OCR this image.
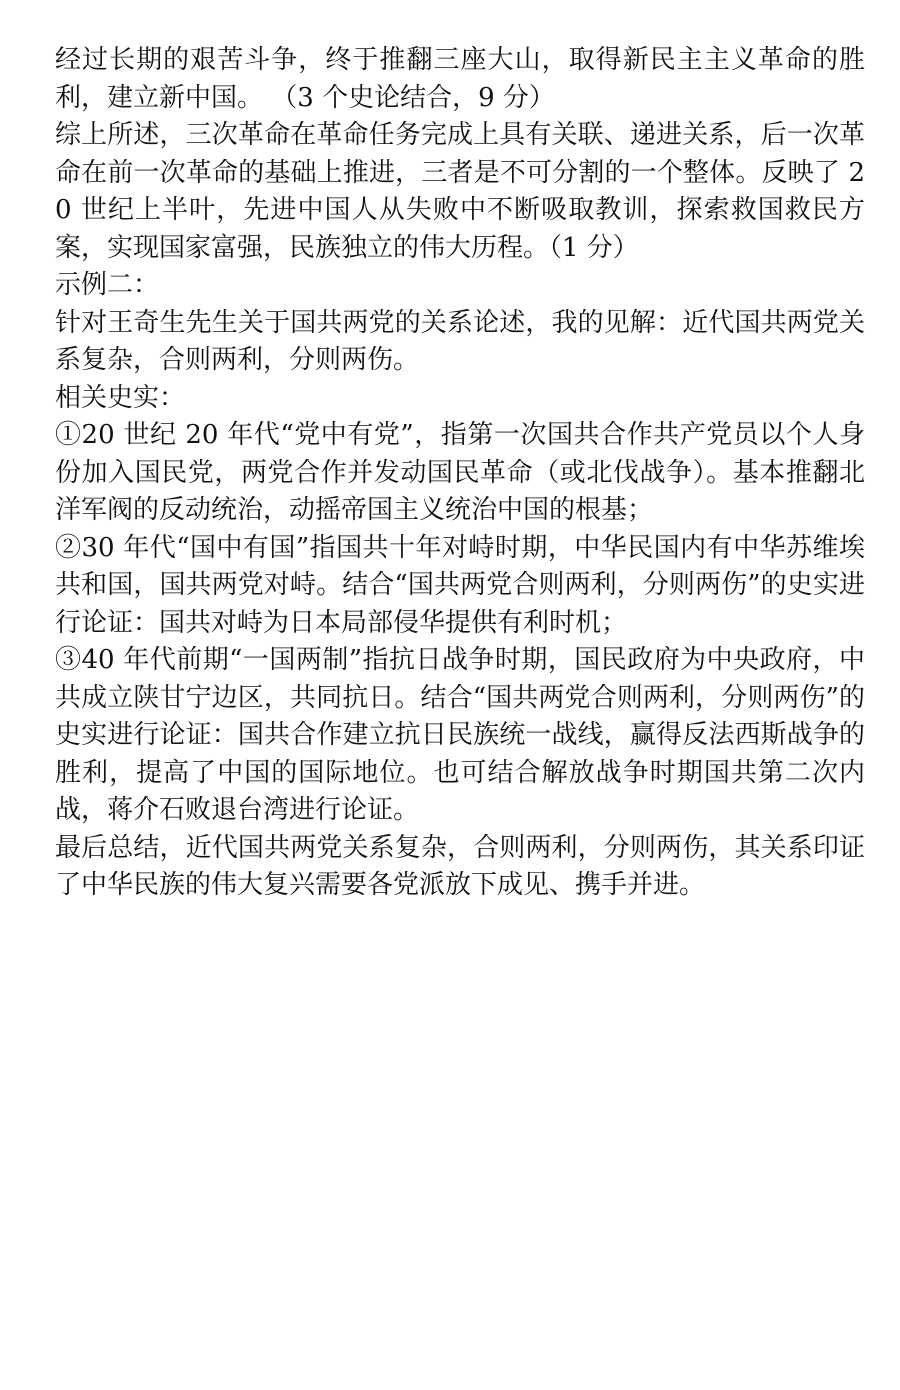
经过长期的艰苦斗争，终于推翻三座大山，取得新民主主义革命的胜利，建立新中国。 （3 个史论结合，9 分）

综上所述，三次革命在革命任务完成上具有关联、递进关系，后一次革命在前一次革命的基础上推进，三者是不可分割的一个整体。反映了 20 世纪上半叶，先进中国人从失败中不断吸取教训，探索救国救民方案，实现国家富强，民族独立的伟大历程。（1 分）

示例二：

针对王奇生先生关于国共两党的关系论述，我的见解：近代国共两党关系复杂，合则两利，分则两伤。

相关史实：

①20 世纪 20 年代“党中有党”，指第一次国共合作共产党员以个人身份加入国民党，两党合作并发动国民革命（或北伐战争）。基本推翻北洋军阀的反动统治，动摇帝国主义统治中国的根基；

②30 年代“国中有国”指国共十年对峙时期，中华民国内有中华苏维埃共和国，国共两党对峙。结合“国共两党合则两利，分则两伤”的史实进行论证：国共对峙为日本局部侵华提供有利时机；

③40 年代前期“一国两制”指抗日战争时期，国民政府为中央政府，中共成立陕甘宁边区，共同抗日。结合“国共两党合则两利，分则两伤”的史实进行论证：国共合作建立抗日民族统一战线，赢得反法西斯战争的胜利，提高了中国的国际地位。也可结合解放战争时期国共第二次内战，蒋介石败退台湾进行论证。

最后总结，近代国共两党关系复杂，合则两利，分则两伤，其关系印证了中华民族的伟大复兴需要各党派放下成见、携手并进。
